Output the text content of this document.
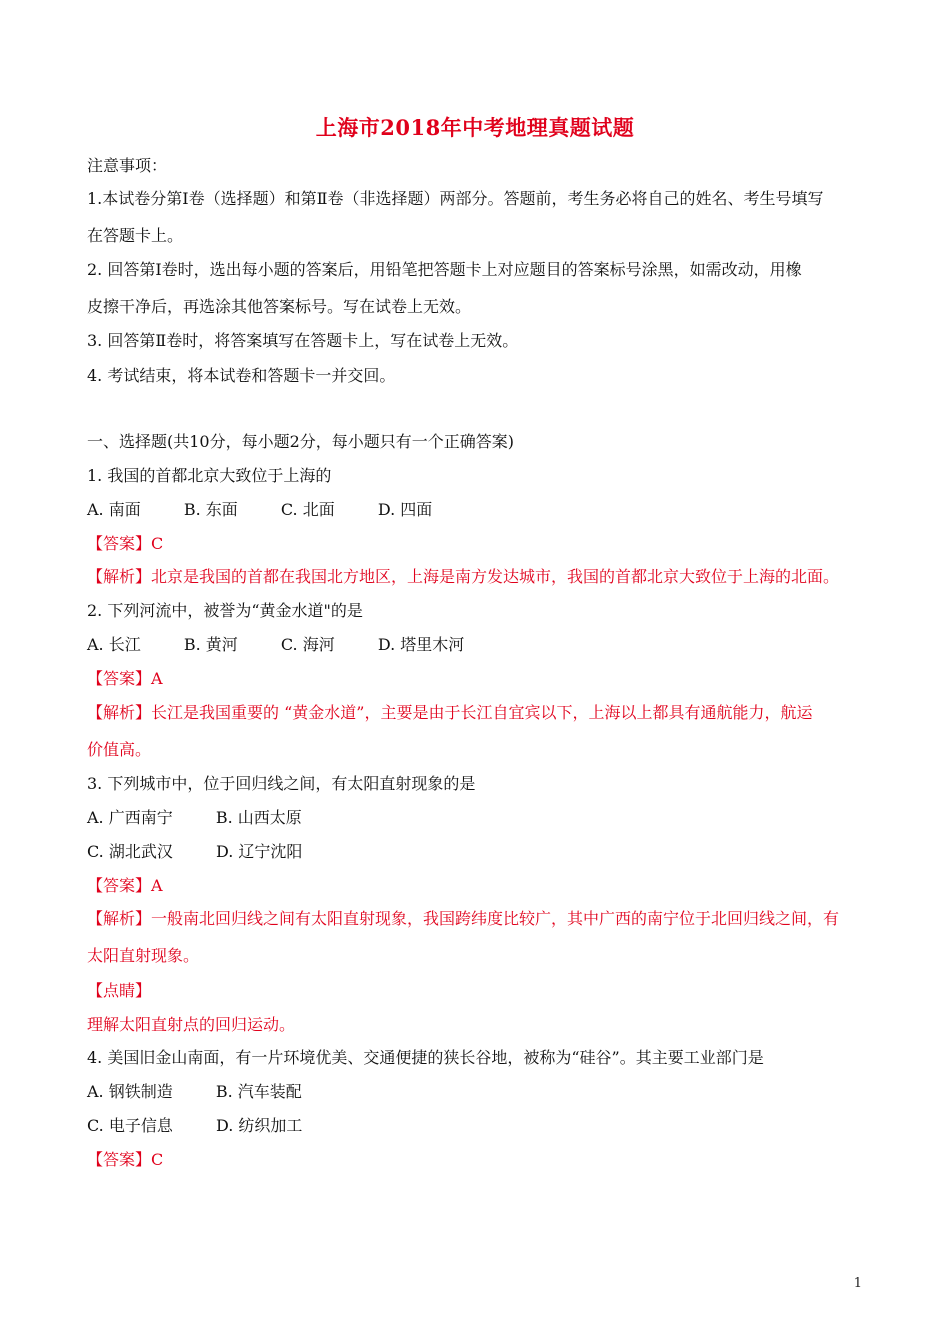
上海市2018年中考地理真题试题
注意事项：
1.本试卷分第Ⅰ卷（选择题）和第Ⅱ卷（非选择题）两部分。答题前，考生务必将自己的姓名、考生号填写
在答题卡上。
2. 回答第Ⅰ卷时，选出每小题的答案后，用铅笔把答题卡上对应题目的答案标号涂黑，如需改动，用橡
皮擦干净后，再选涂其他答案标号。写在试卷上无效。
3. 回答第Ⅱ卷时，将答案填写在答题卡上，写在试卷上无效。
4. 考试结束，将本试卷和答题卡一并交回。
一、选择题(共10分，每小题2分，每小题只有一个正确答案)
1. 我国的首都北京大致位于上海的
A. 南面	B. 东面	C. 北面	D. 四面
【答案】C
【解析】北京是我国的首都在我国北方地区，上海是南方发达城市，我国的首都北京大致位于上海的北面。
2. 下列河流中，被誉为“黄金水道"的是
A. 长江	B. 黄河	C. 海河	D. 塔里木河
【答案】A
【解析】长江是我国重要的 “黄金水道”，主要是由于长江自宜宾以下，上海以上都具有通航能力，航运
价值高。
3. 下列城市中，位于回归线之间，有太阳直射现象的是
A. 广西南宁	B. 山西太原
C. 湖北武汉	D. 辽宁沈阳
【答案】A
【解析】一般南北回归线之间有太阳直射现象，我国跨纬度比较广，其中广西的南宁位于北回归线之间，有
太阳直射现象。
【点睛】
理解太阳直射点的回归运动。
4. 美国旧金山南面，有一片环境优美、交通便捷的狭长谷地，被称为“硅谷”。其主要工业部门是
A. 钢铁制造	B. 汽车装配
C. 电子信息	D. 纺织加工
【答案】C
1
